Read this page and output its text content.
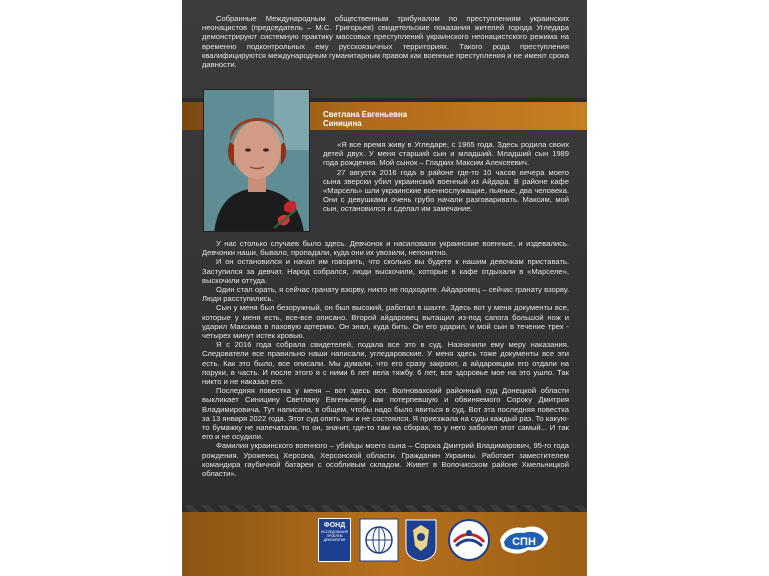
Собранные Международным общественным трибуналом по преступлениям украинских неонацистов (председатель – М.С. Григорьев) свидетельские показания жителей города Угледара демонстрируют системную практику массовых преступлений украинского неонацистского режима на временно подконтрольных ему русскоязычных территориях. Такого рода преступления квалифицируются международным гуманитарным правом как военные преступления и не имеют срока давности.
Светлана Евгеньевна
Синицина

«Я все время живу в Угледаре, с 1965 года. Здесь родила своих детей двух. У меня старший сын и младший. Младший сын 1989 года рождения. Мой сынок – Гладких Максим Алексеевич.

27 августа 2016 года в районе где-то 10 часов вечера моего сына зверски убил украинский военный из Айдара. В районе кафе «Марсель» шли украинские военнослужащие, пьяные, два человека. Они с девушками очень грубо начали разговаривать. Максим, мой сын, остановился и сделал им замечание.

У нас столько случаев было здесь. Девчонок и насиловали украинские военные, и издевались. Девчонки наши, бывало, пропадали, куда они их увозили, непонятно.

И он остановился и начал им говорить, что сколько вы будете к нашим девочкам приставать. Заступился за девчат. Народ собрался, люди выскочили, которые в кафе отдыхали в «Марселе», выскочили оттуда.

Один стал орать, я сейчас гранату взорву, никто не подходите. Айдаровец – сейчас гранату взорву. Люди расступились.

Сын у меня был безоружный, он был высокий, работал в шахте. Здесь вот у меня документы все, которые у меня есть, все-все описано. Второй айдаровец вытащил из-под сапога большой нож и ударил Максима в паховую артерию. Он знал, куда бить. Он его ударил, и мой сын в течение трех - четырех минут истек кровью.

Я с 2016 года собрала свидетелей, подала все это в суд. Назначили ему меру наказания. Следователи все правильно наши написали, угледаровские. У меня здесь тоже документы все эти есть. Как это было, все описали. Мы думали, что его сразу закроют, а айдаровцам его отдали на поруки, в часть. И после этого я с ними 6 лет вела тяжбу. 6 лет, все здоровье мое на это ушло. Так никто и не наказал его.

Последняя повестка у меня – вот здесь вот. Волновахский районный суд Донецкой области выкликает Синицину Светлану Евгеньевну как потерпевшую и обвиняемого Сороку Дмитрия Владимировича. Тут написано, в общем, чтобы надо было явиться в суд. Вот эта последняя повестка за 13 января 2022 года. Этот суд опять так и не состоялся. Я приезжала на суды каждый раз. То какую-то бумажку не напечатали, то он, значит, где-то там на сборах, то у него заболел этот самый... И так его и не осудили.

Фамилия украинского военного – убийцы моего сына – Сорока Дмитрий Владимирович, 95-го года рождения. Уроженец Херсона, Херсонской области. Гражданин Украины. Работает заместителем командира гаубичной батареи с особливым складом. Живет в Волочисском районе Хмельницкой области».

ФОНД
ИССЛЕДОВАНИЯ ПРОБЛЕМ ДЕМОКРАТИИ	СПН
